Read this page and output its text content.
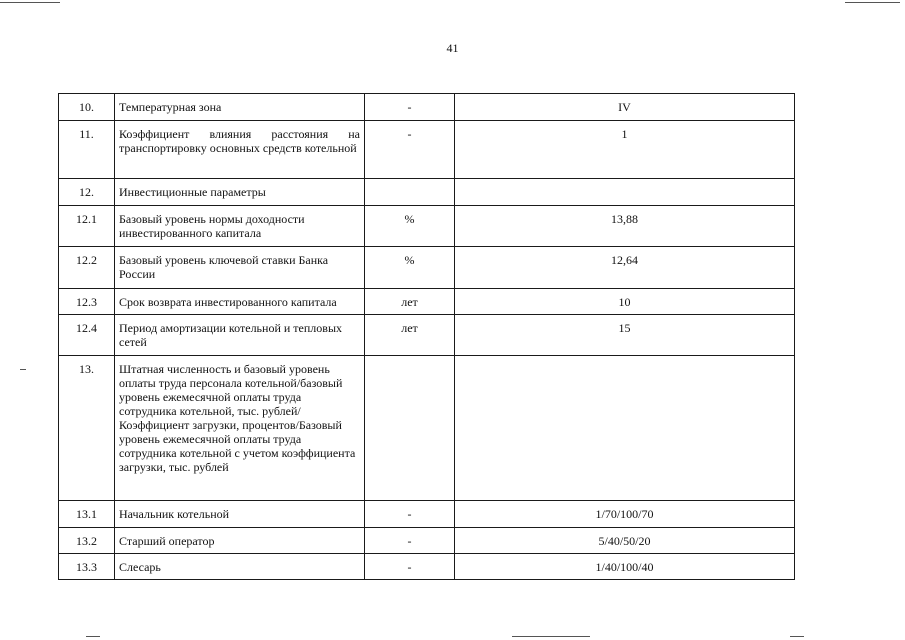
41
10.	Температурная зона	-	IV
11.	Коэффициент влияния расстояния на транспортировку основных средств котельной	-	1
12.	Инвестиционные параметры		
12.1	Базовый уровень нормы доходности инвестированного капитала	%	13,88
12.2	Базовый уровень ключевой ставки Банка России	%	12,64
12.3	Срок возврата инвестированного капитала	лет	10
12.4	Период амортизации котельной и тепловых сетей	лет	15
13.	Штатная численность и базовый уровень оплаты труда персонала котельной/базовый уровень ежемесячной оплаты труда сотрудника котельной, тыс. рублей/Коэффициент загрузки, процентов/Базовый уровень ежемесячной оплаты труда сотрудника котельной с учетом коэффициента загрузки, тыс. рублей		
13.1	Начальник котельной	-	1/70/100/70
13.2	Старший оператор	-	5/40/50/20
13.3	Слесарь	-	1/40/100/40
